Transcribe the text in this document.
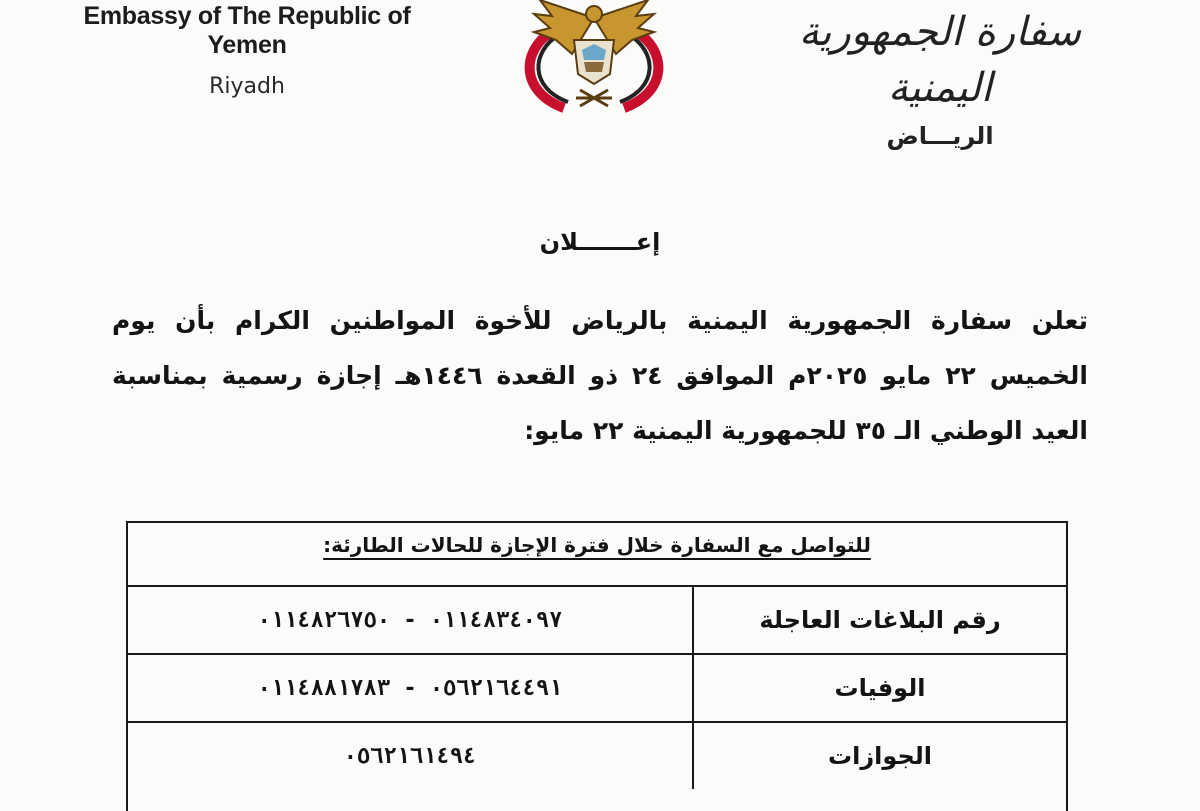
Embassy of The Republic of Yemen
Riyadh
سفارة الجمهورية اليمنية
الريـــاض
إعـــــــلان
تعلن سفارة الجمهورية اليمنية بالرياض للأخوة المواطنين الكرام بأن يوم الخميس ٢٢ مايو ٢٠٢٥م الموافق ٢٤ ذو القعدة ١٤٤٦هـ إجازة رسمية بمناسبة العيد الوطني الـ ٣٥ للجمهورية اليمنية ٢٢ مايو:
للتواصل مع السفارة خلال فترة الإجازة للحالات الطارئة:
رقم البلاغات العاجلة
٠١١٤٨٣٤٠٩٧ - ٠١١٤٨٢٦٧٥٠
الوفيات
٠٥٦٢١٦٤٤٩١ - ٠١١٤٨٨١٧٨٣
الجوازات
٠٥٦٢١٦١٤٩٤
